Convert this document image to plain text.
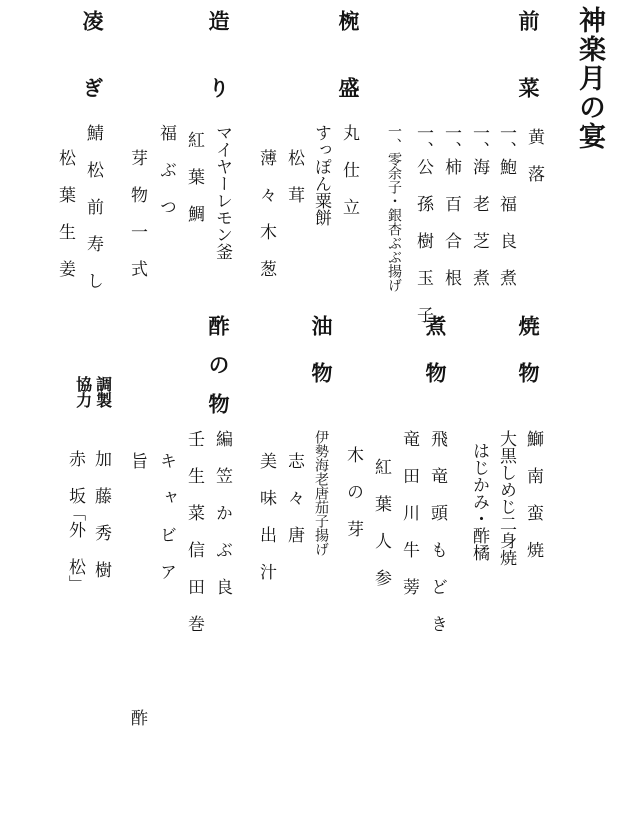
神楽月の宴
前菜
黄 落
一、鮑 福 良 煮
一、海 老 芝 煮
一、柿 百 合 根
一、公 孫 樹 玉 子
一、零余子・銀杏ぶぶ揚げ
椀盛
丸 仕 立
すっぽん粟餅
松 茸
薄 々 木 葱
造り
マイヤーレモン釜
紅 葉 鯛
福 ぶ つ
芽 物 一 式
凌ぎ
鯖 松 前 寿 し
松 葉 生 姜
焼物
鰤 南 蛮 焼
大黒しめじ二身焼
はじかみ・酢橘
煮物
飛 竜 頭 も ど き
竜 田 川 牛 蒡
紅 葉 人 参
木 の 芽
油物
伊勢海老唐茄子揚げ
志 々 唐
美 味 出 汁
酢の物
編 笠 か ぶ 良
壬 生 菜 信 田 巻
キ ャ ビ ア
旨 酢
調製
協力
加 藤 秀 樹
赤 坂「外 松」
